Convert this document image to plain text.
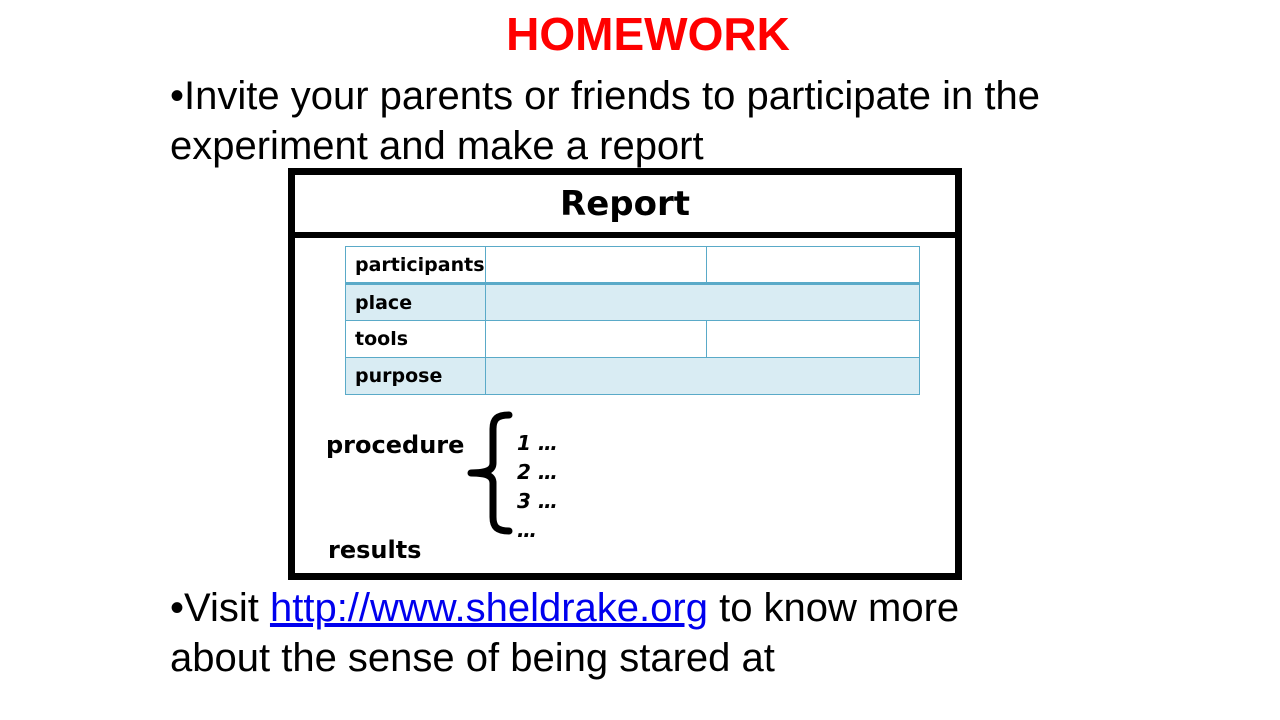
HOMEWORK
•Invite your parents or friends to participate in the
experiment and make a report
Report
participants		
place		
tools		
purpose		
procedure	1 …
2 …
3 …
…
results
•Visit http://www.sheldrake.org to know more
about the sense of being stared at
